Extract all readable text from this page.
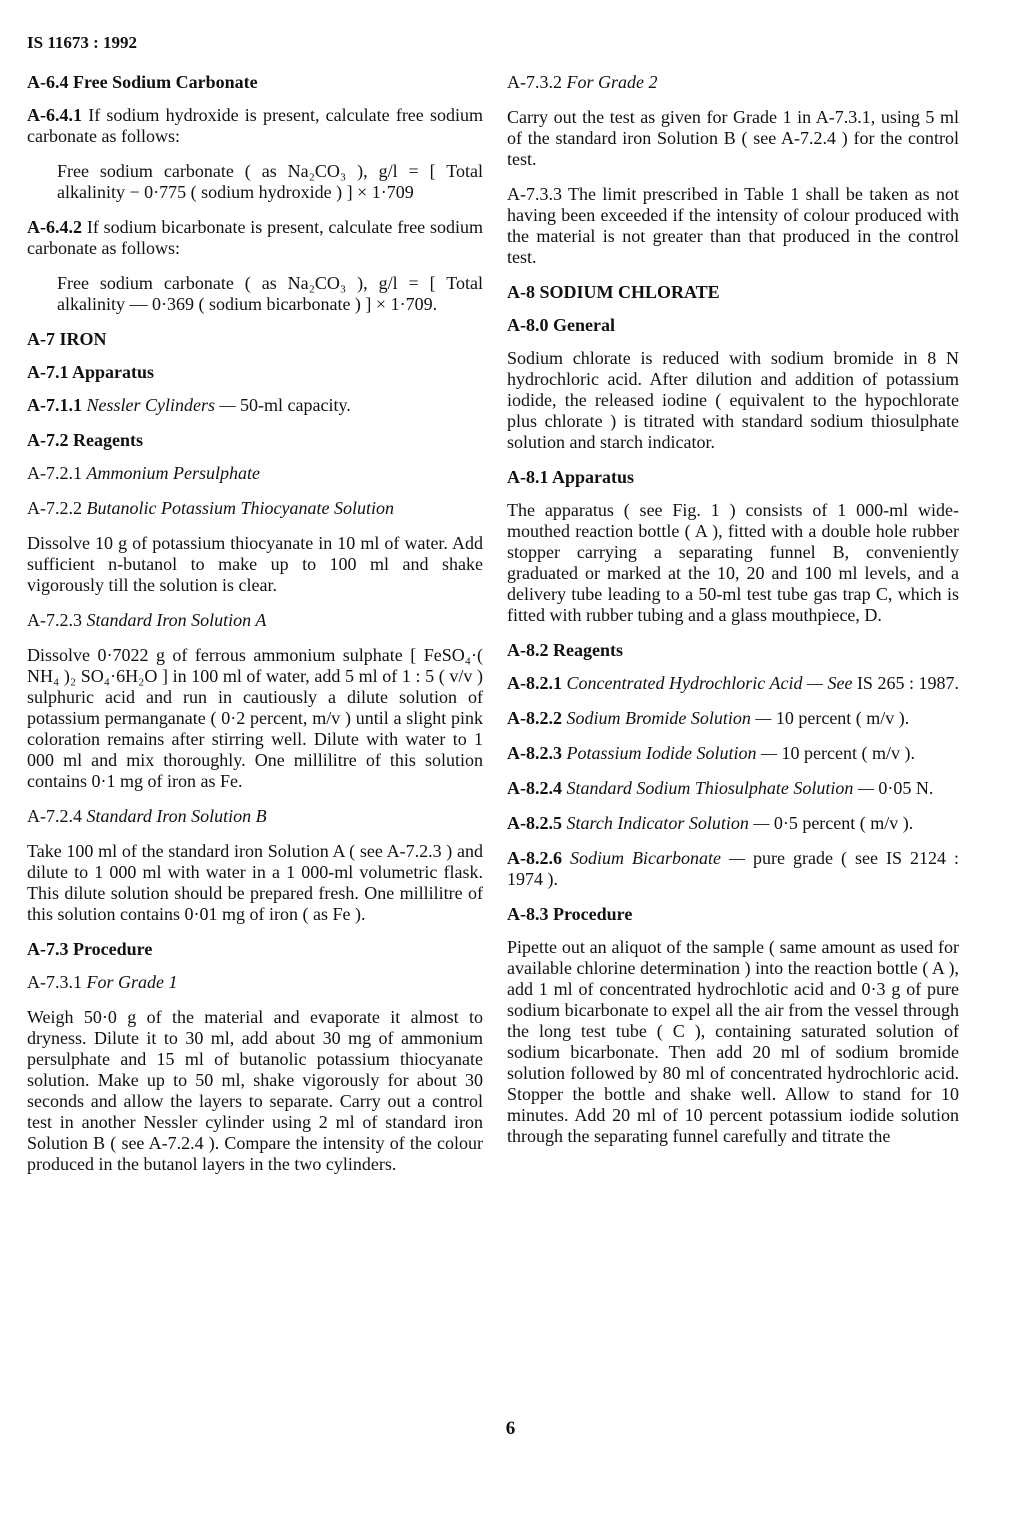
IS 11673 : 1992
A-6.4 Free Sodium Carbonate

A-6.4.1 If sodium hydroxide is present, calculate free sodium carbonate as follows:

Free sodium carbonate ( as Na₂CO₃ ), g/l = [ Total alkalinity − 0·775 ( sodium hydroxide ) ] × 1·709

A-6.4.2 If sodium bicarbonate is present, calculate free sodium carbonate as follows:

Free sodium carbonate ( as Na₂CO₃ ), g/l = [ Total alkalinity — 0·369 ( sodium bicarbonate ) ] × 1·709.

A-7 IRON
A-7.1 Apparatus

A-7.1.1 Nessler Cylinders — 50-ml capacity.

A-7.2 Reagents

A-7.2.1 Ammonium Persulphate

A-7.2.2 Butanolic Potassium Thiocyanate Solution

Dissolve 10 g of potassium thiocyanate in 10 ml of water. Add sufficient n-butanol to make up to 100 ml and shake vigorously till the solution is clear.

A-7.2.3 Standard Iron Solution A

Dissolve 0·7022 g of ferrous ammonium sulphate [ FeSO₄·( NH₄ )₂ SO₄·6H₂O ] in 100 ml of water, add 5 ml of 1 : 5 ( v/v ) sulphuric acid and run in cautiously a dilute solution of potassium permanganate ( 0·2 percent, m/v ) until a slight pink coloration remains after stirring well. Dilute with water to 1 000 ml and mix thoroughly. One millilitre of this solution contains 0·1 mg of iron as Fe.

A-7.2.4 Standard Iron Solution B

Take 100 ml of the standard iron Solution A ( see A-7.2.3 ) and dilute to 1 000 ml with water in a 1 000-ml volumetric flask. This dilute solution should be prepared fresh. One millilitre of this solution contains 0·01 mg of iron ( as Fe ).

A-7.3 Procedure

A-7.3.1 For Grade 1

Weigh 50·0 g of the material and evaporate it almost to dryness. Dilute it to 30 ml, add about 30 mg of ammonium persulphate and 15 ml of butanolic potassium thiocyanate solution. Make up to 50 ml, shake vigorously for about 30 seconds and allow the layers to separate. Carry out a control test in another Nessler cylinder using 2 ml of standard iron Solution B ( see A-7.2.4 ). Compare the intensity of the colour produced in the butanol layers in the two cylinders.

A-7.3.2 For Grade 2

Carry out the test as given for Grade 1 in A-7.3.1, using 5 ml of the standard iron Solution B ( see A-7.2.4 ) for the control test.

A-7.3.3 The limit prescribed in Table 1 shall be taken as not having been exceeded if the intensity of colour produced with the material is not greater than that produced in the control test.

A-8 SODIUM CHLORATE
A-8.0 General

Sodium chlorate is reduced with sodium bromide in 8 N hydrochloric acid. After dilution and addition of potassium iodide, the released iodine ( equivalent to the hypochlorate plus chlorate ) is titrated with standard sodium thiosulphate solution and starch indicator.

A-8.1 Apparatus

The apparatus ( see Fig. 1 ) consists of 1 000-ml wide-mouthed reaction bottle ( A ), fitted with a double hole rubber stopper carrying a separating funnel B, conveniently graduated or marked at the 10, 20 and 100 ml levels, and a delivery tube leading to a 50-ml test tube gas trap C, which is fitted with rubber tubing and a glass mouthpiece, D.

A-8.2 Reagents

A-8.2.1 Concentrated Hydrochloric Acid — See IS 265 : 1987.

A-8.2.2 Sodium Bromide Solution — 10 percent ( m/v ).

A-8.2.3 Potassium Iodide Solution — 10 percent ( m/v ).

A-8.2.4 Standard Sodium Thiosulphate Solution — 0·05 N.

A-8.2.5 Starch Indicator Solution — 0·5 percent ( m/v ).

A-8.2.6 Sodium Bicarbonate — pure grade ( see IS 2124 : 1974 ).

A-8.3 Procedure

Pipette out an aliquot of the sample ( same amount as used for available chlorine determination ) into the reaction bottle ( A ), add 1 ml of concentrated hydrochlotic acid and 0·3 g of pure sodium bicarbonate to expel all the air from the vessel through the long test tube ( C ), containing saturated solution of sodium bicarbonate. Then add 20 ml of sodium bromide solution followed by 80 ml of concentrated hydrochloric acid. Stopper the bottle and shake well. Allow to stand for 10 minutes. Add 20 ml of 10 percent potassium iodide solution through the separating funnel carefully and titrate the

6
